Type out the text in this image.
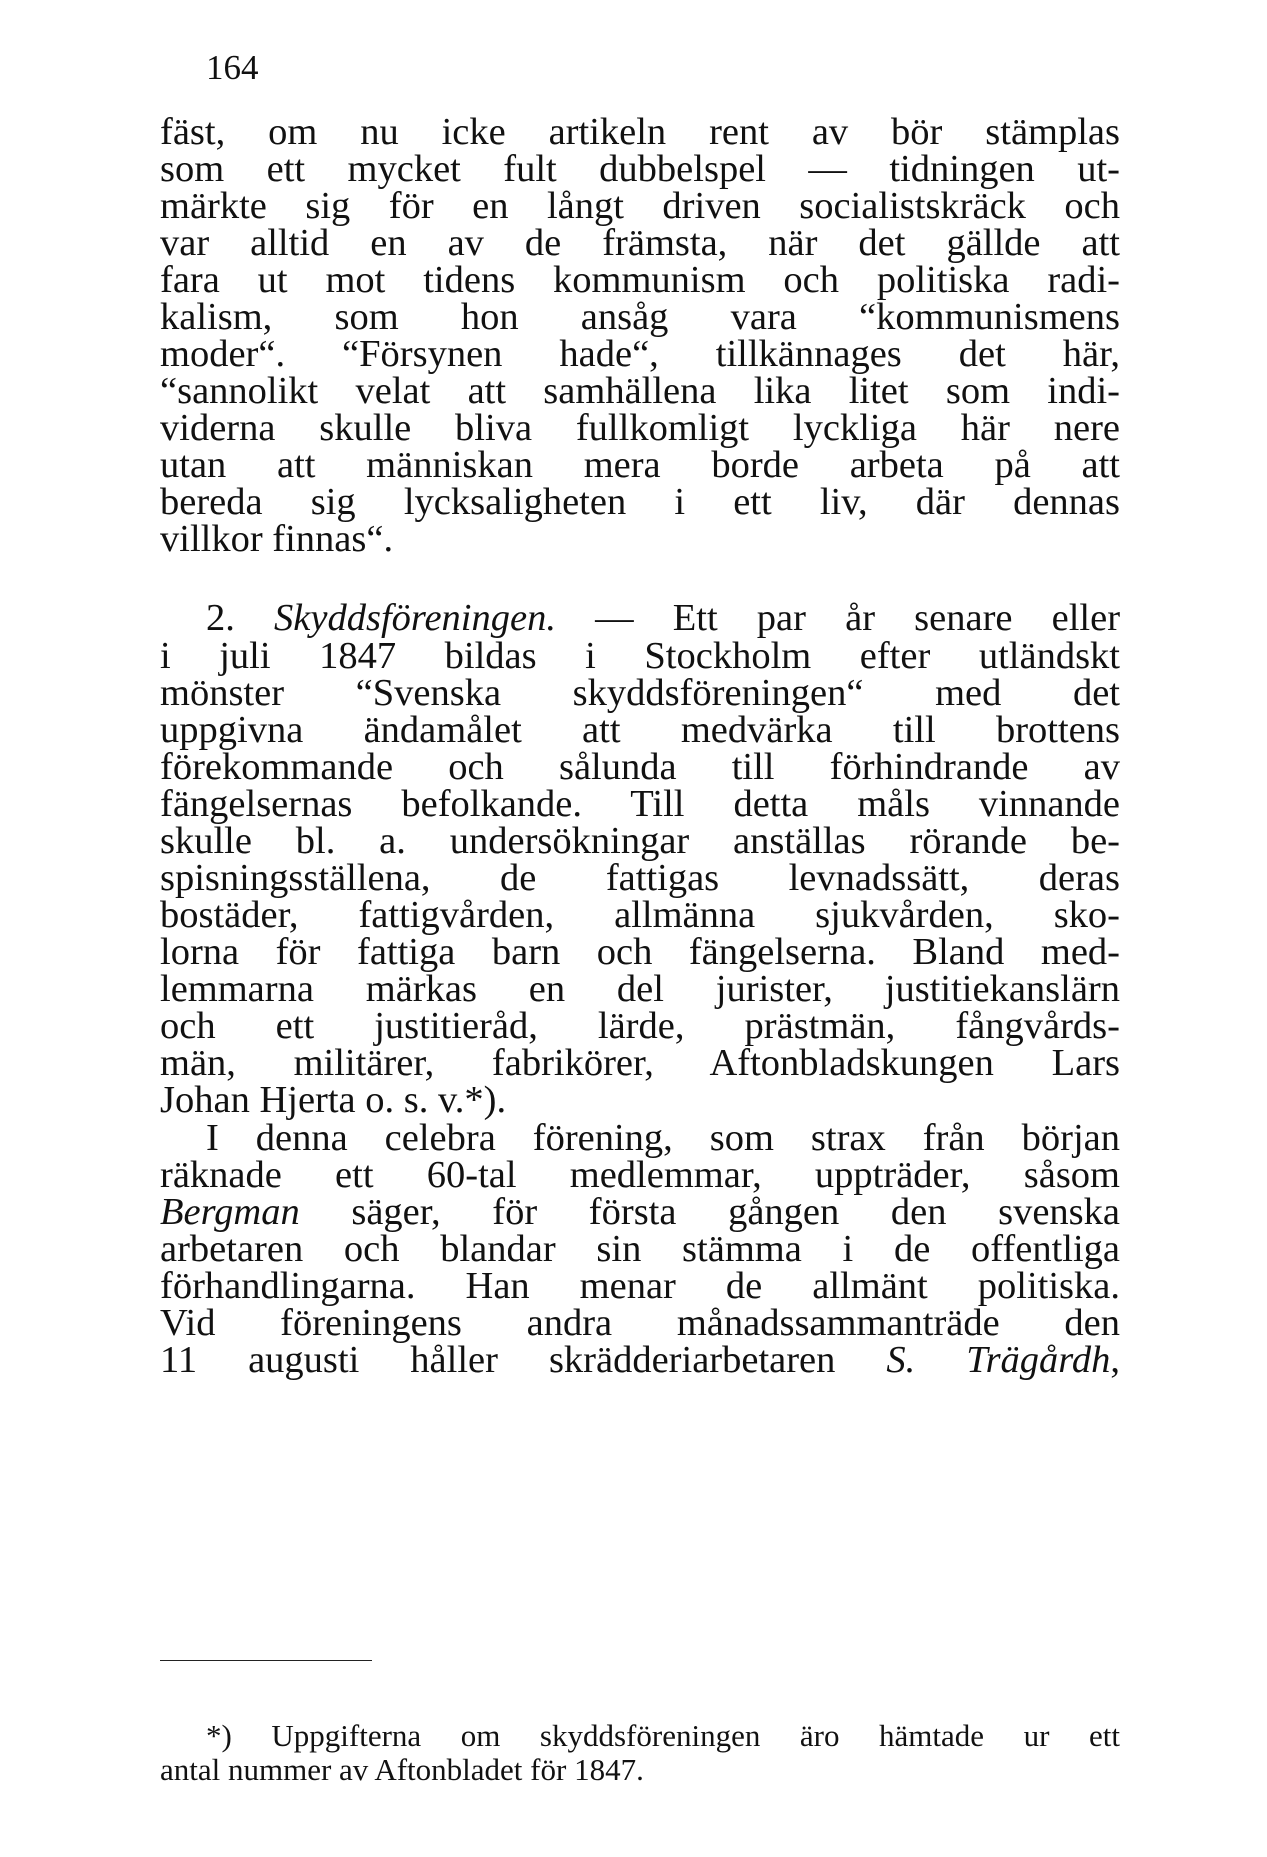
164
fäst, om nu icke artikeln rent av bör stämplas
som ett mycket fult dubbelspel — tidningen ut-
märkte sig för en långt driven socialistskräck och
var alltid en av de främsta, när det gällde att
fara ut mot tidens kommunism och politiska radi-
kalism, som hon ansåg vara “kommunismens
moder“. “Försynen hade“, tillkännages det här,
“sannolikt velat att samhällena lika litet som indi-
viderna skulle bliva fullkomligt lyckliga här nere
utan att människan mera borde arbeta på att
bereda sig lycksaligheten i ett liv, där dennas
villkor finnas“.
2. Skyddsföreningen. — Ett par år senare eller
i juli 1847 bildas i Stockholm efter utländskt
mönster “Svenska skyddsföreningen“ med det
uppgivna ändamålet att medvärka till brottens
förekommande och sålunda till förhindrande av
fängelsernas befolkande. Till detta måls vinnande
skulle bl. a. undersökningar anställas rörande be-
spisningsställena, de fattigas levnadssätt, deras
bostäder, fattigvården, allmänna sjukvården, sko-
lorna för fattiga barn och fängelserna. Bland med-
lemmarna märkas en del jurister, justitiekanslärn
och ett justitieråd, lärde, prästmän, fångvårds-
män, militärer, fabrikörer, Aftonbladskungen Lars
Johan Hjerta o. s. v.*).
I denna celebra förening, som strax från början
räknade ett 60-tal medlemmar, uppträder, såsom
Bergman säger, för första gången den svenska
arbetaren och blandar sin stämma i de offentliga
förhandlingarna. Han menar de allmänt politiska.
Vid föreningens andra månadssammanträde den
11 augusti håller skrädderiarbetaren S. Trägårdh,
*) Uppgifterna om skyddsföreningen äro hämtade ur ett
antal nummer av Aftonbladet för 1847.
